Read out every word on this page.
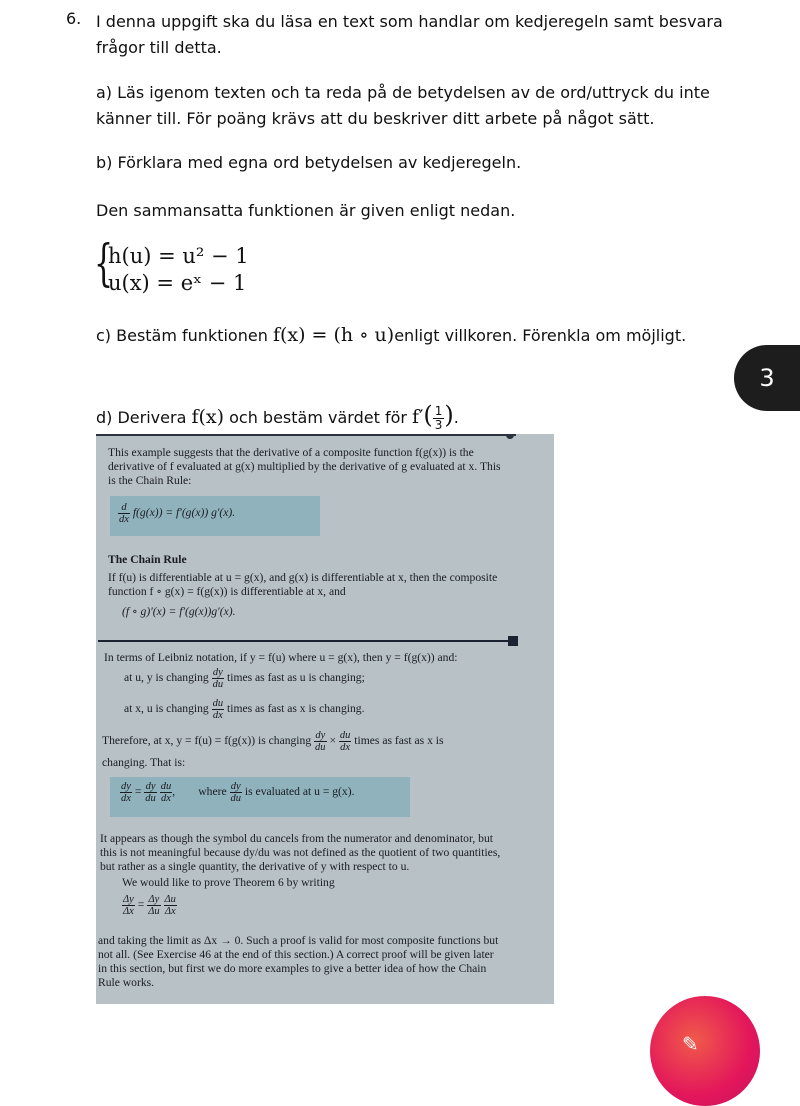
6. I denna uppgift ska du läsa en text som handlar om kedjeregeln samt besvara frågor till detta.
a) Läs igenom texten och ta reda på de betydelsen av de ord/uttryck du inte känner till. För poäng krävs att du beskriver ditt arbete på något sätt.
b) Förklara med egna ord betydelsen av kedjeregeln.
Den sammansatta funktionen är given enligt nedan.
{
h(u) = u² − 1
u(x) = eˣ − 1
c) Bestäm funktionen f(x) = (h ∘ u)enligt villkoren. Förenkla om möjligt.
d) Derivera f(x) och bestäm värdet för $f'( \frac{1}{3}$ ).
3
This example suggests that the derivative of a composite function f(g(x)) is the
derivative of f evaluated at g(x) multiplied by the derivative of g evaluated at x. This
is the Chain Rule:
$\frac{d}{dx} f(g(x)) = f'(g(x))$ g′(x).
The Chain Rule
If f(u) is differentiable at u = g(x), and g(x) is differentiable at x, then the composite
function f ∘ g(x) = f(g(x)) is differentiable at x, and
(f ∘ g)′(x) = f′(g(x))g′(x).
In terms of Leibniz notation, if y = f(u) where u = g(x), then y = f(g(x)) and:
at u, y is changing $\frac{dy}{du}$ times as fast as u is changing;
at x, u is changing $\frac{du}{dx}$ times as fast as x is changing.
Therefore, at x, y = f(u) = f(g(x)) is changing $\frac{dy}{du} \times \frac{du}{dx}$ times as fast as x is
changing. That is:
$\frac{dy}{dx} = \frac{dy}{du}$
$\frac{du}{dx}$ , where $\frac{dy}{du}$ is evaluated at u = g(x).
It appears as though the symbol du cancels from the numerator and denominator, but
this is not meaningful because dy/du was not defined as the quotient of two quantities,
but rather as a single quantity, the derivative of y with respect to u.
We would like to prove Theorem 6 by writing
$\frac{\Delta y}{\Delta x} = \frac{\Delta y}{\Delta u}$
$\frac{\Delta u}{\Delta x}$
and taking the limit as Δx → 0. Such a proof is valid for most composite functions but
not all. (See Exercise 46 at the end of this section.) A correct proof will be given later
in this section, but first we do more examples to give a better idea of how the Chain
Rule works.
✎
